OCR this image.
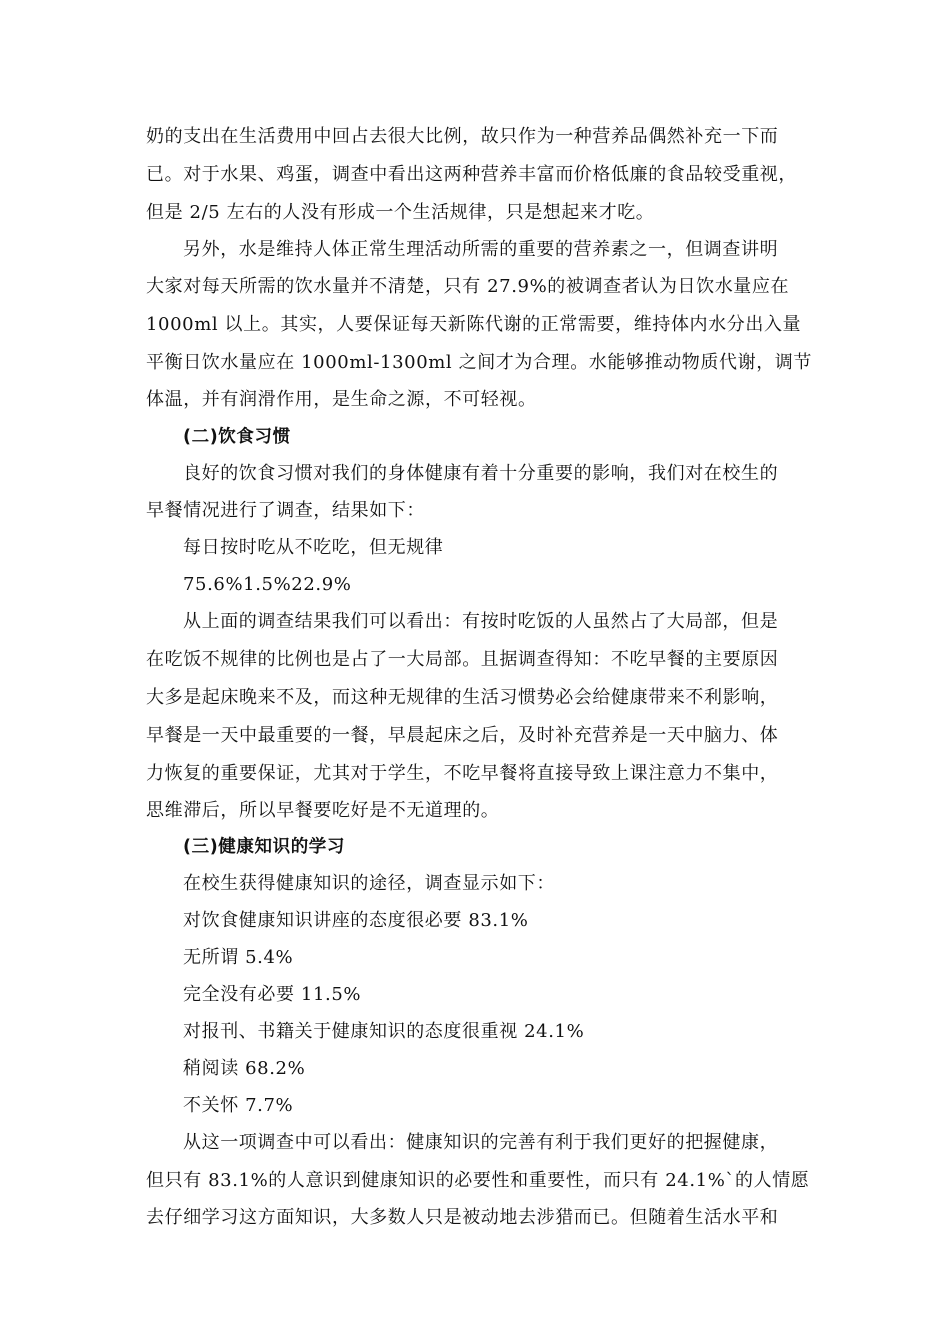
奶的支出在生活费用中回占去很大比例，故只作为一种营养品偶然补充一下而
已。对于水果、鸡蛋，调查中看出这两种营养丰富而价格低廉的食品较受重视，
但是 2/5 左右的人没有形成一个生活规律，只是想起来才吃。
另外，水是维持人体正常生理活动所需的重要的营养素之一，但调查讲明
大家对每天所需的饮水量并不清楚，只有 27.9%的被调查者认为日饮水量应在
1000ml 以上。其实，人要保证每天新陈代谢的正常需要，维持体内水分出入量
平衡日饮水量应在 1000ml-1300ml 之间才为合理。水能够推动物质代谢，调节
体温，并有润滑作用，是生命之源，不可轻视。
(二)饮食习惯
良好的饮食习惯对我们的身体健康有着十分重要的影响，我们对在校生的
早餐情况进行了调查，结果如下：
每日按时吃从不吃吃，但无规律
75.6%1.5%22.9%
从上面的调查结果我们可以看出：有按时吃饭的人虽然占了大局部，但是
在吃饭不规律的比例也是占了一大局部。且据调查得知：不吃早餐的主要原因
大多是起床晚来不及，而这种无规律的生活习惯势必会给健康带来不利影响，
早餐是一天中最重要的一餐，早晨起床之后，及时补充营养是一天中脑力、体
力恢复的重要保证，尤其对于学生，不吃早餐将直接导致上课注意力不集中，
思维滞后，所以早餐要吃好是不无道理的。
(三)健康知识的学习
在校生获得健康知识的途径，调查显示如下：
对饮食健康知识讲座的态度很必要 83.1%
无所谓 5.4%
完全没有必要 11.5%
对报刊、书籍关于健康知识的态度很重视 24.1%
稍阅读 68.2%
不关怀 7.7%
从这一项调查中可以看出：健康知识的完善有利于我们更好的把握健康，
但只有 83.1%的人意识到健康知识的必要性和重要性，而只有 24.1%`的人情愿
去仔细学习这方面知识，大多数人只是被动地去涉猎而已。但随着生活水平和
